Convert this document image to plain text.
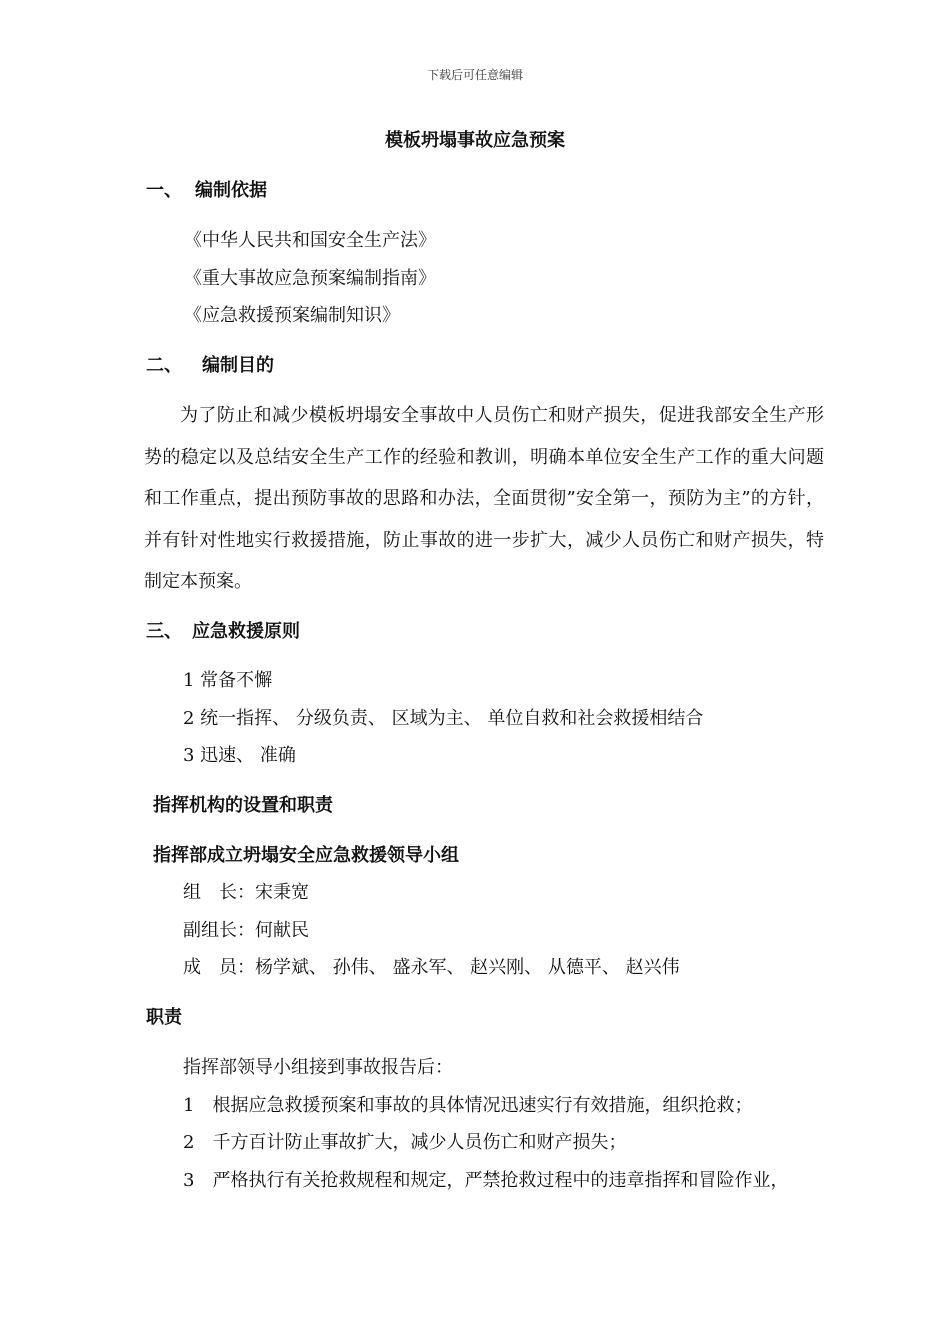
下载后可任意编辑
模板坍塌事故应急预案
一、 编制依据
《中华人民共和国安全生产法》
《重大事故应急预案编制指南》
《应急救援预案编制知识》
二、 编制目的
为了防止和减少模板坍塌安全事故中人员伤亡和财产损失，促进我部安全生产形势的稳定以及总结安全生产工作的经验和教训，明确本单位安全生产工作的重大问题和工作重点，提出预防事故的思路和办法，全面贯彻”安全第一，预防为主”的方针，并有针对性地实行救援措施，防止事故的进一步扩大，减少人员伤亡和财产损失，特制定本预案。
三、 应急救援原则
1 常备不懈
2 统一指挥、 分级负责、 区域为主、 单位自救和社会救援相结合
3 迅速、 准确
指挥机构的设置和职责
指挥部成立坍塌安全应急救援领导小组
组　长：宋秉宽
副组长：何献民
成　员：杨学斌、 孙伟、 盛永军、 赵兴刚、 从德平、 赵兴伟
职责
指挥部领导小组接到事故报告后：
1　根据应急救援预案和事故的具体情况迅速实行有效措施，组织抢救；
2　千方百计防止事故扩大，减少人员伤亡和财产损失；
3　严格执行有关抢救规程和规定，严禁抢救过程中的违章指挥和冒险作业，
